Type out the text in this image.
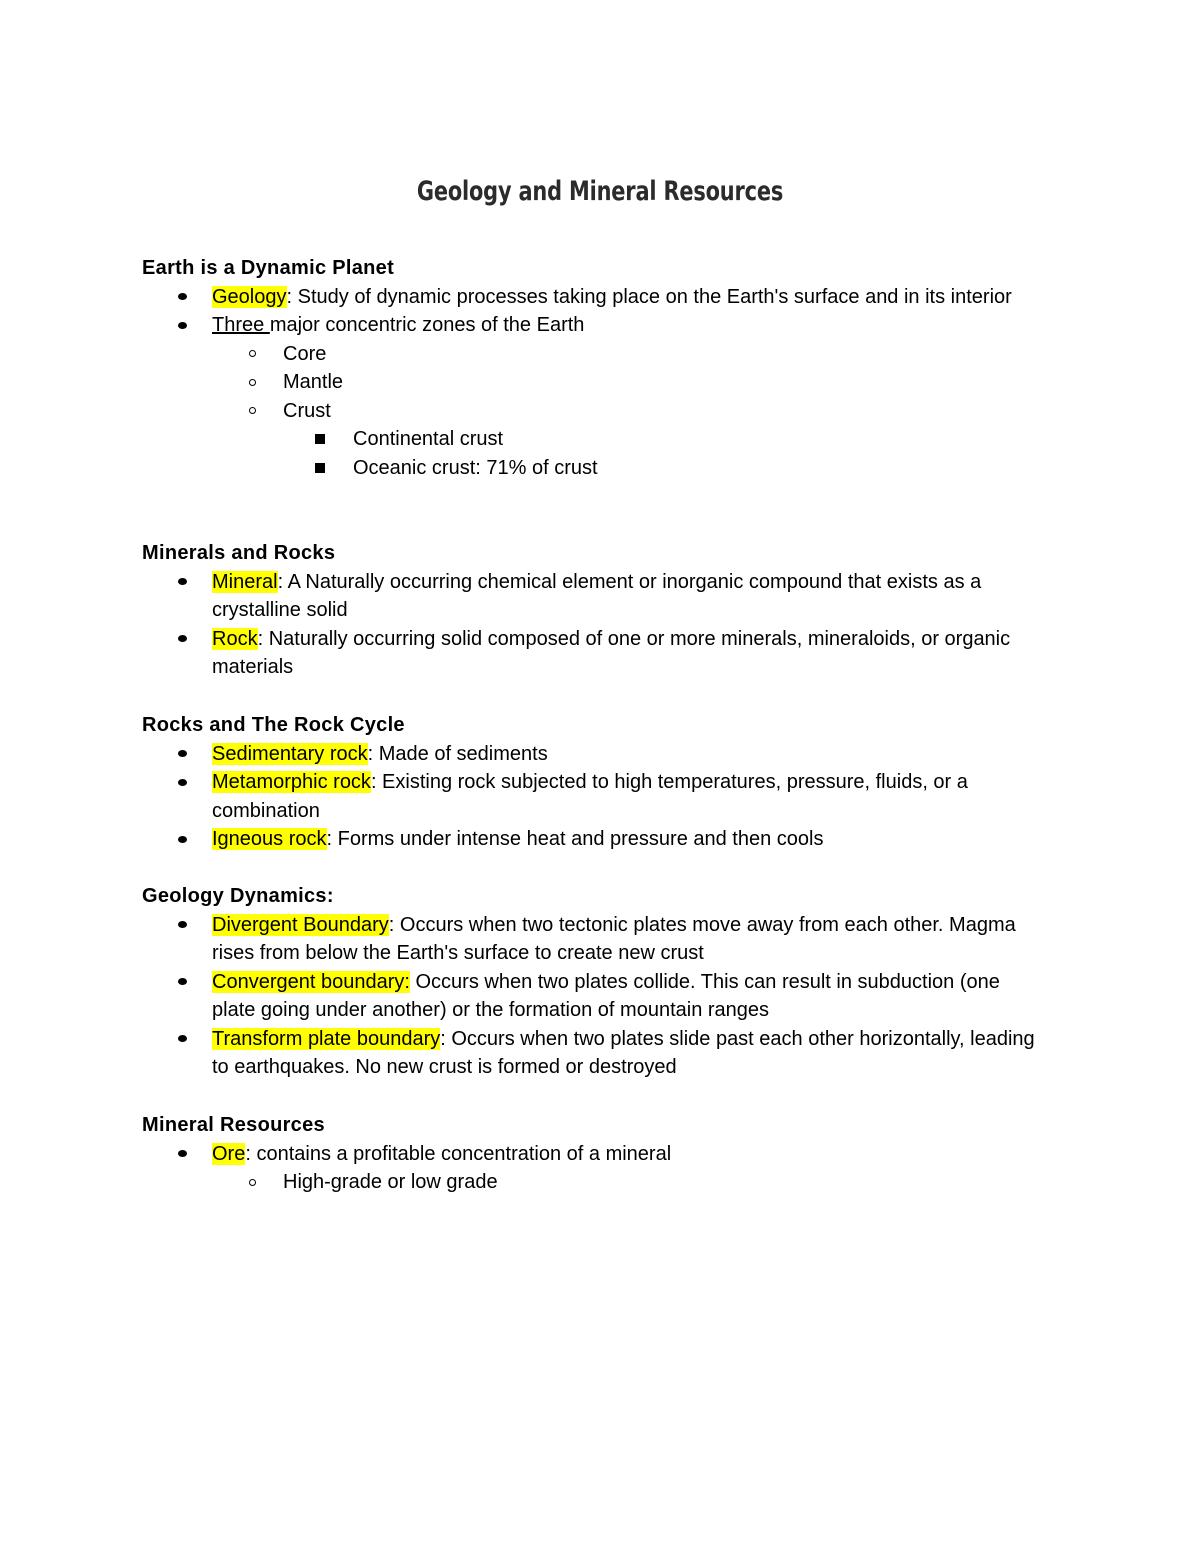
Geology and Mineral Resources
Earth is a Dynamic Planet
Geology: Study of dynamic processes taking place on the Earth's surface and in its interior
Three major concentric zones of the Earth
Core
Mantle
Crust
Continental crust
Oceanic crust: 71% of crust
Minerals and Rocks
Mineral: A Naturally occurring chemical element or inorganic compound that exists as a crystalline solid
Rock: Naturally occurring solid composed of one or more minerals, mineraloids, or organic materials
Rocks and The Rock Cycle
Sedimentary rock: Made of sediments
Metamorphic rock: Existing rock subjected to high temperatures, pressure, fluids, or a combination
Igneous rock: Forms under intense heat and pressure and then cools
Geology Dynamics:
Divergent Boundary: Occurs when two tectonic plates move away from each other. Magma rises from below the Earth's surface to create new crust
Convergent boundary: Occurs when two plates collide. This can result in subduction (one plate going under another) or the formation of mountain ranges
Transform plate boundary: Occurs when two plates slide past each other horizontally, leading to earthquakes. No new crust is formed or destroyed
Mineral Resources
Ore: contains a profitable concentration of a mineral
High-grade or low grade
